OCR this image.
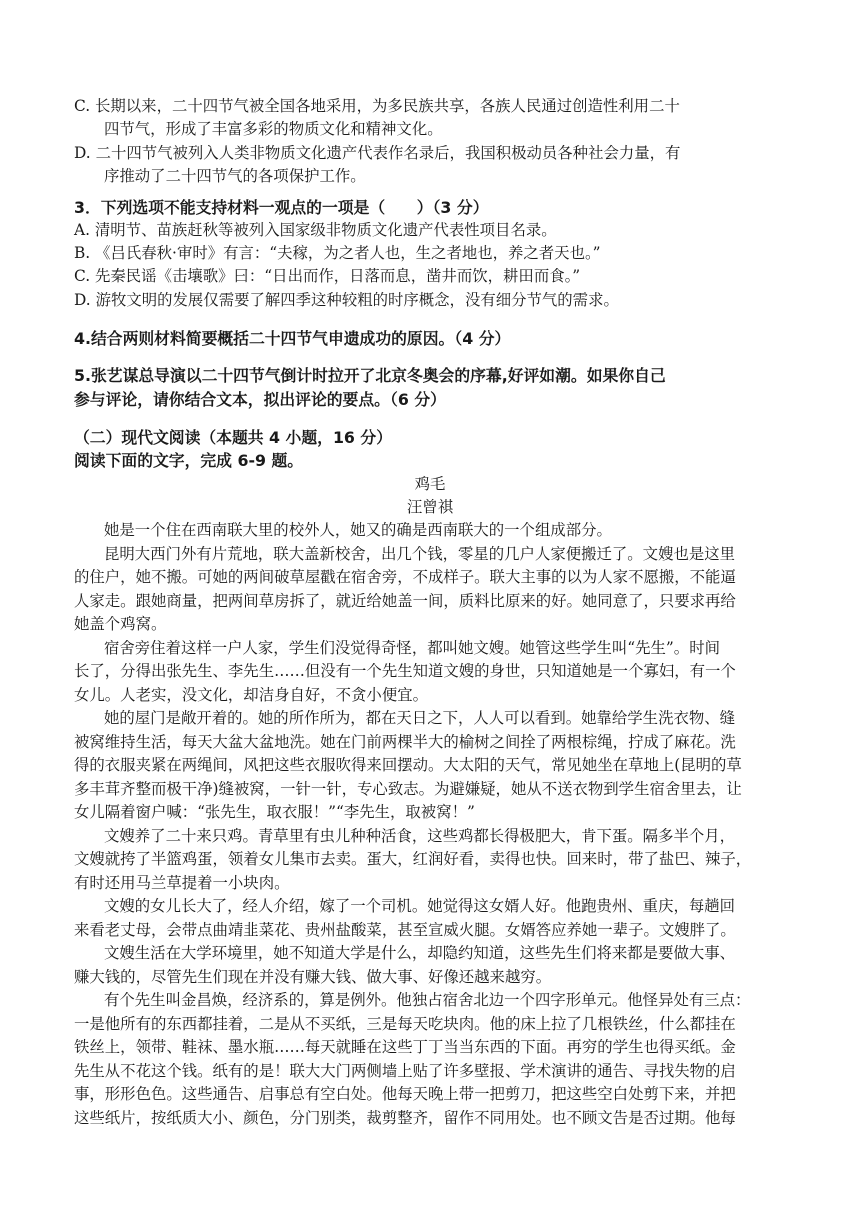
C. 长期以来，二十四节气被全国各地采用，为多民族共享，各族人民通过创造性利用二十
四节气，形成了丰富多彩的物质文化和精神文化。
D. 二十四节气被列入人类非物质文化遗产代表作名录后，我国积极动员各种社会力量，有
序推动了二十四节气的各项保护工作。
3．下列选项不能支持材料一观点的一项是（　　）（3 分）
A. 清明节、苗族赶秋等被列入国家级非物质文化遗产代表性项目名录。
B. 《吕氏春秋·审时》有言：“夫稼，为之者人也，生之者地也，养之者天也。”
C. 先秦民谣《击壤歌》曰：“日出而作，日落而息，凿井而饮，耕田而食。”
D. 游牧文明的发展仅需要了解四季这种较粗的时序概念，没有细分节气的需求。
4.结合两则材料简要概括二十四节气申遗成功的原因。（4 分）
5.张艺谋总导演以二十四节气倒计时拉开了北京冬奥会的序幕,好评如潮。如果你自己
参与评论，请你结合文本，拟出评论的要点。（6 分）
（二）现代文阅读（本题共 4 小题，16 分）
阅读下面的文字，完成 6-9 题。
鸡毛
汪曾祺
她是一个住在西南联大里的校外人，她又的确是西南联大的一个组成部分。
昆明大西门外有片荒地，联大盖新校舍，出几个钱，零星的几户人家便搬迁了。文嫂也是这里
的住户，她不搬。可她的两间破草屋戳在宿舍旁，不成样子。联大主事的以为人家不愿搬，不能逼
人家走。跟她商量，把两间草房拆了，就近给她盖一间，质料比原来的好。她同意了，只要求再给
她盖个鸡窝。
宿舍旁住着这样一户人家，学生们没觉得奇怪，都叫她文嫂。她管这些学生叫“先生”。时间
长了，分得出张先生、李先生……但没有一个先生知道文嫂的身世，只知道她是一个寡妇，有一个
女儿。人老实，没文化，却洁身自好，不贪小便宜。
她的屋门是敞开着的。她的所作所为，都在天日之下，人人可以看到。她靠给学生洗衣物、缝
被窝维持生活，每天大盆大盆地洗。她在门前两棵半大的榆树之间拴了两根棕绳，拧成了麻花。洗
得的衣服夹紧在两绳间，风把这些衣服吹得来回摆动。大太阳的天气，常见她坐在草地上(昆明的草
多丰茸齐整而极干净)缝被窝，一针一针，专心致志。为避嫌疑，她从不送衣物到学生宿舍里去，让
女儿隔着窗户喊：“张先生，取衣服！”“李先生，取被窝！”
文嫂养了二十来只鸡。青草里有虫儿种种活食，这些鸡都长得极肥大，肯下蛋。隔多半个月，
文嫂就挎了半篮鸡蛋，领着女儿集市去卖。蛋大，红润好看，卖得也快。回来时，带了盐巴、辣子，
有时还用马兰草提着一小块肉。
文嫂的女儿长大了，经人介绍，嫁了一个司机。她觉得这女婿人好。他跑贵州、重庆，每趟回
来看老丈母，会带点曲靖韭菜花、贵州盐酸菜，甚至宣威火腿。女婿答应养她一辈子。文嫂胖了。
文嫂生活在大学环境里，她不知道大学是什么，却隐约知道，这些先生们将来都是要做大事、
赚大钱的，尽管先生们现在并没有赚大钱、做大事、好像还越来越穷。
有个先生叫金昌焕，经济系的，算是例外。他独占宿舍北边一个四字形单元。他怪异处有三点：
一是他所有的东西都挂着，二是从不买纸，三是每天吃块肉。他的床上拉了几根铁丝，什么都挂在
铁丝上，领带、鞋袜、墨水瓶……每天就睡在这些丁丁当当东西的下面。再穷的学生也得买纸。金
先生从不花这个钱。纸有的是！联大大门两侧墙上贴了许多壁报、学术演讲的通告、寻找失物的启
事，形形色色。这些通告、启事总有空白处。他每天晚上带一把剪刀，把这些空白处剪下来，并把
这些纸片，按纸质大小、颜色，分门别类，裁剪整齐，留作不同用处。也不顾文告是否过期。他每
